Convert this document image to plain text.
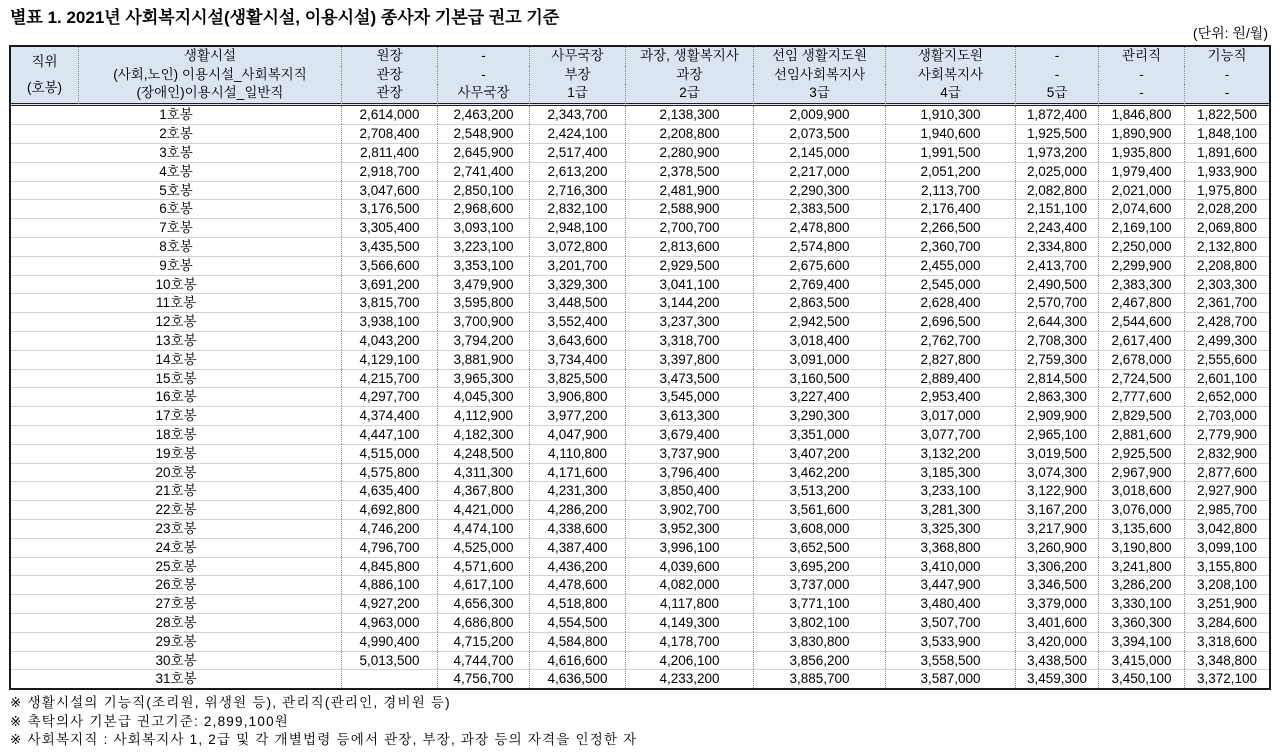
별표 1. 2021년 사회복지시설(생활시설, 이용시설) 종사자 기본급 권고 기준
(단위: 원/월)
직위
(호봉)	생활시설	원장	-	사무국장	과장, 생활복지사	선임 생활지도원	생활지도원	-	관리직	기능직
	(사회,노인) 이용시설_사회복지직	관장	-	부장	과장	선임사회복지사	사회복지사	-	-	-
	(장애인)이용시설_일반직	관장	사무국장	1급	2급	3급	4급	5급	-	-
1호봉		2,614,000	2,463,200	2,343,700	2,138,300	2,009,900	1,910,300	1,872,400	1,846,800	1,822,500
2호봉		2,708,400	2,548,900	2,424,100	2,208,800	2,073,500	1,940,600	1,925,500	1,890,900	1,848,100
3호봉		2,811,400	2,645,900	2,517,400	2,280,900	2,145,000	1,991,500	1,973,200	1,935,800	1,891,600
4호봉		2,918,700	2,741,400	2,613,200	2,378,500	2,217,000	2,051,200	2,025,000	1,979,400	1,933,900
5호봉		3,047,600	2,850,100	2,716,300	2,481,900	2,290,300	2,113,700	2,082,800	2,021,000	1,975,800
6호봉		3,176,500	2,968,600	2,832,100	2,588,900	2,383,500	2,176,400	2,151,100	2,074,600	2,028,200
7호봉		3,305,400	3,093,100	2,948,100	2,700,700	2,478,800	2,266,500	2,243,400	2,169,100	2,069,800
8호봉		3,435,500	3,223,100	3,072,800	2,813,600	2,574,800	2,360,700	2,334,800	2,250,000	2,132,800
9호봉		3,566,600	3,353,100	3,201,700	2,929,500	2,675,600	2,455,000	2,413,700	2,299,900	2,208,800
10호봉		3,691,200	3,479,900	3,329,300	3,041,100	2,769,400	2,545,000	2,490,500	2,383,300	2,303,300
11호봉		3,815,700	3,595,800	3,448,500	3,144,200	2,863,500	2,628,400	2,570,700	2,467,800	2,361,700
12호봉		3,938,100	3,700,900	3,552,400	3,237,300	2,942,500	2,696,500	2,644,300	2,544,600	2,428,700
13호봉		4,043,200	3,794,200	3,643,600	3,318,700	3,018,400	2,762,700	2,708,300	2,617,400	2,499,300
14호봉		4,129,100	3,881,900	3,734,400	3,397,800	3,091,000	2,827,800	2,759,300	2,678,000	2,555,600
15호봉		4,215,700	3,965,300	3,825,500	3,473,500	3,160,500	2,889,400	2,814,500	2,724,500	2,601,100
16호봉		4,297,700	4,045,300	3,906,800	3,545,000	3,227,400	2,953,400	2,863,300	2,777,600	2,652,000
17호봉		4,374,400	4,112,900	3,977,200	3,613,300	3,290,300	3,017,000	2,909,900	2,829,500	2,703,000
18호봉		4,447,100	4,182,300	4,047,900	3,679,400	3,351,000	3,077,700	2,965,100	2,881,600	2,779,900
19호봉		4,515,000	4,248,500	4,110,800	3,737,900	3,407,200	3,132,200	3,019,500	2,925,500	2,832,900
20호봉		4,575,800	4,311,300	4,171,600	3,796,400	3,462,200	3,185,300	3,074,300	2,967,900	2,877,600
21호봉		4,635,400	4,367,800	4,231,300	3,850,400	3,513,200	3,233,100	3,122,900	3,018,600	2,927,900
22호봉		4,692,800	4,421,000	4,286,200	3,902,700	3,561,600	3,281,300	3,167,200	3,076,000	2,985,700
23호봉		4,746,200	4,474,100	4,338,600	3,952,300	3,608,000	3,325,300	3,217,900	3,135,600	3,042,800
24호봉		4,796,700	4,525,000	4,387,400	3,996,100	3,652,500	3,368,800	3,260,900	3,190,800	3,099,100
25호봉		4,845,800	4,571,600	4,436,200	4,039,600	3,695,200	3,410,000	3,306,200	3,241,800	3,155,800
26호봉		4,886,100	4,617,100	4,478,600	4,082,000	3,737,000	3,447,900	3,346,500	3,286,200	3,208,100
27호봉		4,927,200	4,656,300	4,518,800	4,117,800	3,771,100	3,480,400	3,379,000	3,330,100	3,251,900
28호봉		4,963,000	4,686,800	4,554,500	4,149,300	3,802,100	3,507,700	3,401,600	3,360,300	3,284,600
29호봉		4,990,400	4,715,200	4,584,800	4,178,700	3,830,800	3,533,900	3,420,000	3,394,100	3,318,600
30호봉		5,013,500	4,744,700	4,616,600	4,206,100	3,856,200	3,558,500	3,438,500	3,415,000	3,348,800
31호봉			4,756,700	4,636,500	4,233,200	3,885,700	3,587,000	3,459,300	3,450,100	3,372,100
※ 생활시설의 기능직(조리원, 위생원 등), 관리직(관리인, 경비원 등)
※ 촉탁의사 기본급 권고기준: 2,899,100원
※ 사회복지직 : 사회복지사 1, 2급 및 각 개별법령 등에서 관장, 부장, 과장 등의 자격을 인정한 자
